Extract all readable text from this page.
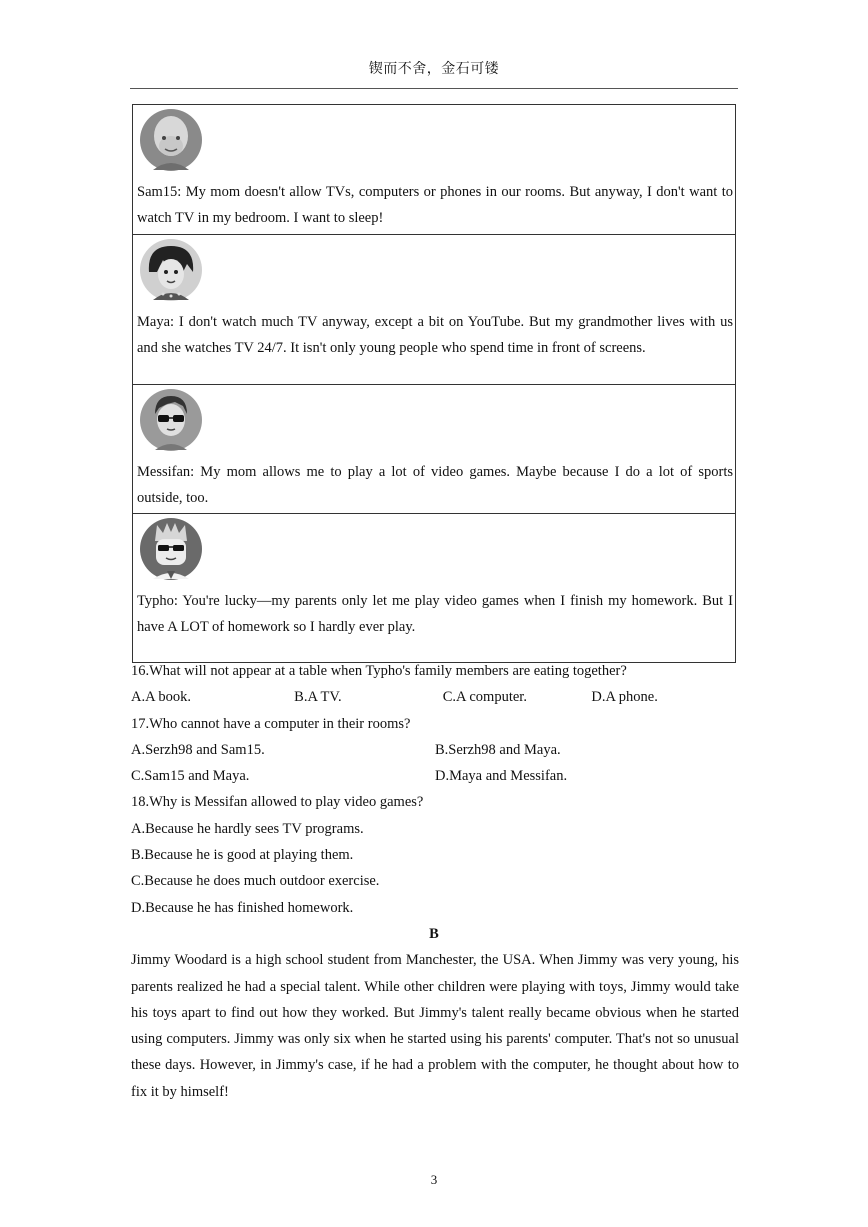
锲而不舍，金石可镂
Sam15: My mom doesn't allow TVs, computers or phones in our rooms. But anyway, I don't want to watch TV in my bedroom. I want to sleep!
Maya: I don't watch much TV anyway, except a bit on YouTube. But my grandmother lives with us and she watches TV 24/7. It isn't only young people who spend time in front of screens.
Messifan: My mom allows me to play a lot of video games. Maybe because I do a lot of sports outside, too.
Typho: You're lucky—my parents only let me play video games when I finish my homework. But I have A LOT of homework so I hardly ever play.
16.What will not appear at a table when Typho's family members are eating together?
A.A book.	B.A TV.	C.A computer.	D.A phone.
17.Who cannot have a computer in their rooms?
A.Serzh98 and Sam15.	B.Serzh98 and Maya.
C.Sam15 and Maya.	D.Maya and Messifan.
18.Why is Messifan allowed to play video games?
A.Because he hardly sees TV programs.
B.Because he is good at playing them.
C.Because he does much outdoor exercise.
D.Because he has finished homework.
B
Jimmy Woodard is a high school student from Manchester, the USA. When Jimmy was very young, his parents realized he had a special talent. While other children were playing with toys, Jimmy would take his toys apart to find out how they worked. But Jimmy's talent really became obvious when he started using computers. Jimmy was only six when he started using his parents' computer. That's not so unusual these days. However, in Jimmy's case, if he had a problem with the computer, he thought about how to fix it by himself!
3
